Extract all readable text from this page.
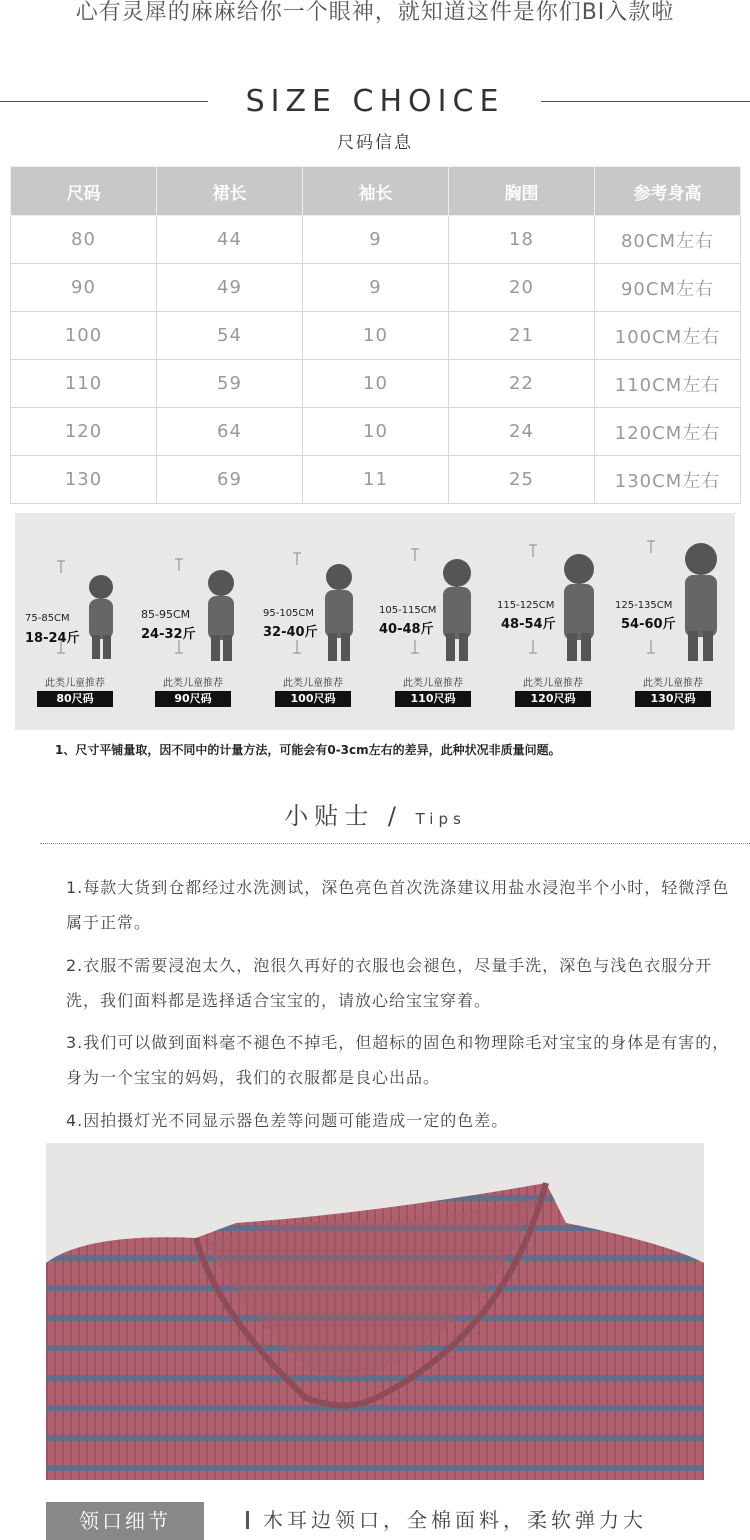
心有灵犀的麻麻给你一个眼神，就知道这件是你们BI入款啦
SIZE CHOICE
尺码信息
尺码	裙长	袖长	胸围	参考身高
80	44	9	18	80CM左右
90	49	9	20	90CM左右
100	54	10	21	100CM左右
110	59	10	22	110CM左右
120	64	10	24	120CM左右
130	69	11	25	130CM左右
75-85CM
18-24斤
此类儿童推荐
80尺码
85-95CM
24-32斤
此类儿童推荐
90尺码
95-105CM
32-40斤
此类儿童推荐
100尺码
105-115CM
40-48斤
此类儿童推荐
110尺码
115-125CM
48-54斤
此类儿童推荐
120尺码
125-135CM
54-60斤
此类儿童推荐
130尺码
1、尺寸平铺量取，因不同中的计量方法，可能会有0-3cm左右的差异，此种状况非质量问题。
小贴士 / Tips
1.每款大货到仓都经过水洗测试，深色亮色首次洗涤建议用盐水浸泡半个小时，轻微浮色属于正常。
2.衣服不需要浸泡太久，泡很久再好的衣服也会褪色，尽量手洗，深色与浅色衣服分开洗，我们面料都是选择适合宝宝的，请放心给宝宝穿着。
3.我们可以做到面料毫不褪色不掉毛，但超标的固色和物理除毛对宝宝的身体是有害的，身为一个宝宝的妈妈，我们的衣服都是良心出品。
4.因拍摄灯光不同显示器色差等问题可能造成一定的色差。
领口细节	木耳边领口，全棉面料，柔软弹力大
